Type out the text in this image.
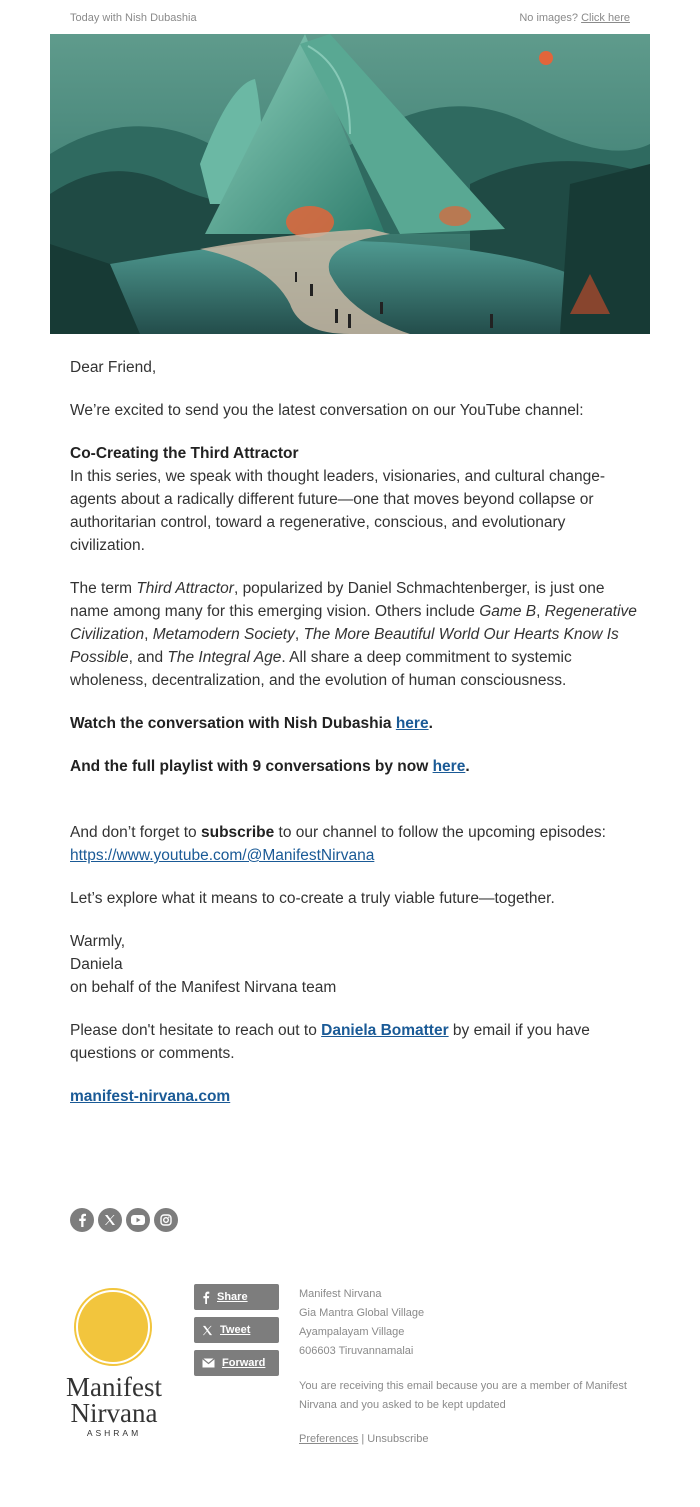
Today with Nish Dubashia	No images? Click here

Dear Friend,

We’re excited to send you the latest conversation on our YouTube channel:

Co-Creating the Third Attractor
In this series, we speak with thought leaders, visionaries, and cultural change-agents about a radically different future—one that moves beyond collapse or authoritarian control, toward a regenerative, conscious, and evolutionary civilization.

The term Third Attractor, popularized by Daniel Schmachtenberger, is just one name among many for this emerging vision. Others include Game B, Regenerative Civilization, Metamodern Society, The More Beautiful World Our Hearts Know Is Possible, and The Integral Age. All share a deep commitment to systemic wholeness, decentralization, and the evolution of human consciousness.

Watch the conversation with Nish Dubashia here.

And the full playlist with 9 conversations by now here.

And don’t forget to subscribe to our channel to follow the upcoming episodes:
https://www.youtube.com/@ManifestNirvana

Let’s explore what it means to co-create a truly viable future—together.

Warmly,
Daniela
on behalf of the Manifest Nirvana team

Please don't hesitate to reach out to Daniela Bomatter by email if you have questions or comments.

manifest-nirvana.com

Manifest
Nirvana
ASHRAM
Share
Tweet
Forward
Manifest Nirvana
Gia Mantra Global Village
Ayampalayam Village
606603 Tiruvannamalai
You are receiving this email because you are a member of Manifest Nirvana and you asked to be kept updated
Preferences | Unsubscribe
